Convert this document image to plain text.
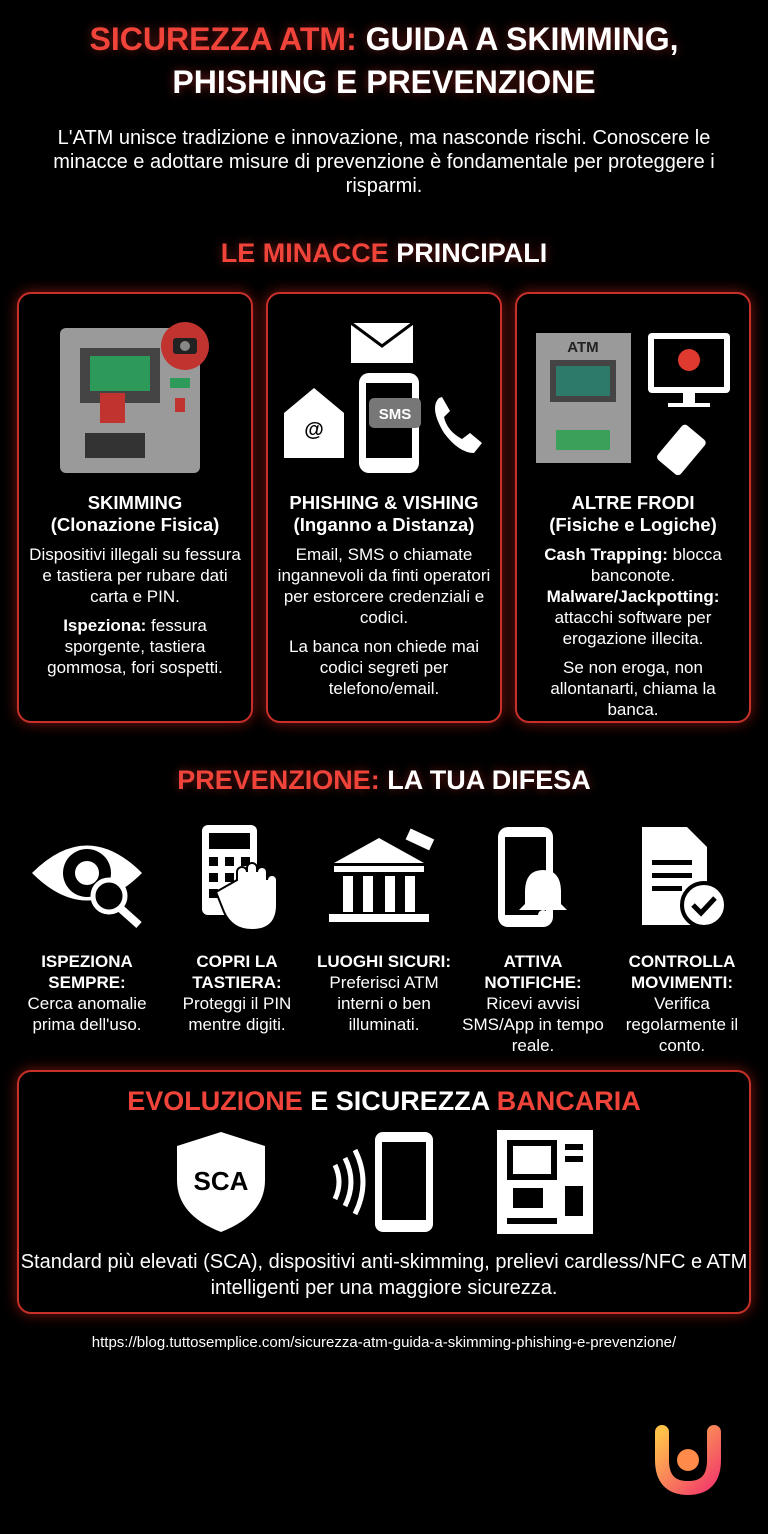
SICUREZZA ATM: GUIDA A SKIMMING,
PHISHING E PREVENZIONE
L'ATM unisce tradizione e innovazione, ma nasconde rischi. Conoscere le minacce e adottare misure di prevenzione è fondamentale per proteggere i risparmi.
LE MINACCE PRINCIPALI
SKIMMING
(Clonazione Fisica)

Dispositivi illegali su fessura e tastiera per rubare dati carta e PIN.

Ispeziona: fessura sporgente, tastiera gommosa, fori sospetti.

@
SMS
PHISHING & VISHING
(Inganno a Distanza)

Email, SMS o chiamate ingannevoli da finti operatori per estorcere credenziali e codici.

La banca non chiede mai codici segreti per telefono/email.

ATM
ALTRE FRODI
(Fisiche e Logiche)

Cash Trapping: blocca banconote.
Malware/Jackpotting: attacchi software per erogazione illecita.

Se non eroga, non allontanarti, chiama la banca.

PREVENZIONE: LA TUA DIFESA
ISPEZIONA SEMPRE:
Cerca anomalie prima dell'uso.
COPRI LA TASTIERA:
Proteggi il PIN mentre digiti.
LUOGHI SICURI:
Preferisci ATM interni o ben illuminati.
ATTIVA NOTIFICHE:
Ricevi avvisi SMS/App in tempo reale.
CONTROLLA MOVIMENTI:
Verifica regolarmente il conto.
EVOLUZIONE E SICUREZZA BANCARIA
SCA

Standard più elevati (SCA), dispositivi anti-skimming, prelievi cardless/NFC e ATM intelligenti per una maggiore sicurezza.

https://blog.tuttosemplice.com/sicurezza-atm-guida-a-skimming-phishing-e-prevenzione/
